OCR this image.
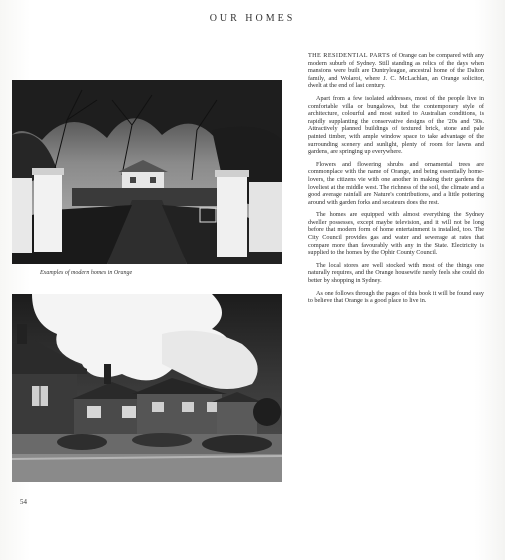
OUR HOMES
Examples of modern homes in Orange

THE RESIDENTIAL PARTS of Orange can be compared with any modern suburb of Sydney. Still standing as relics of the days when mansions were built are Duntryleague, ancestral home of the Dalton family, and Wolaroi, where J. C. McLachlan, an Orange solicitor, dwelt at the end of last century.

Apart from a few isolated addresses, most of the people live in comfortable villa or bungalows, but the contemporary style of architecture, colourful and most suited to Australian conditions, is rapidly supplanting the conservative designs of the '20s and '30s. Attractively planned buildings of textured brick, stone and pale painted timber, with ample window space to take advantage of the surrounding scenery and sunlight, plenty of room for lawns and gardens, are springing up everywhere.

Flowers and flowering shrubs and ornamental trees are commonplace with the name of Orange, and being essentially home-lovers, the citizens vie with one another in making their gardens the loveliest at the middle west. The richness of the soil, the climate and a good average rainfall are Nature's contributions, and a little pottering around with garden forks and secateurs does the rest.

The homes are equipped with almost everything the Sydney dweller possesses, except maybe television, and it will not be long before that modern form of home entertainment is installed, too. The City Council provides gas and water and sewerage at rates that compare more than favourably with any in the State. Electricity is supplied to the homes by the Ophir County Council.

The local stores are well stocked with most of the things one naturally requires, and the Orange housewife rarely feels she could do better by shopping in Sydney.

As one follows through the pages of this book it will be found easy to believe that Orange is a good place to live in.

54
